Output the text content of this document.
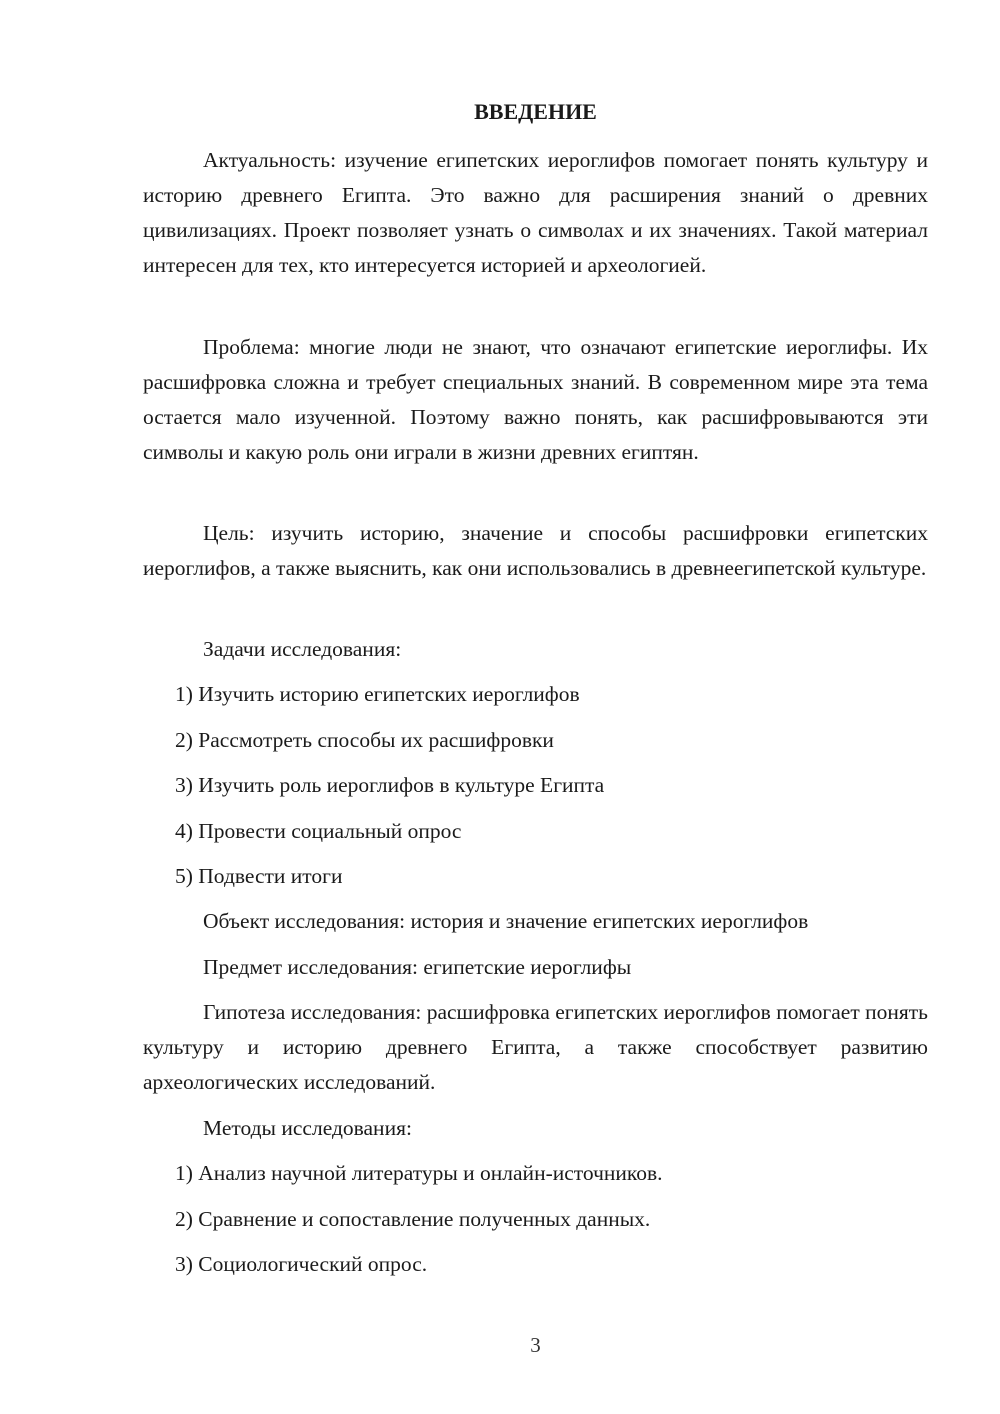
ВВЕДЕНИЕ

Актуальность: изучение египетских иероглифов помогает понять культуру и историю древнего Египта. Это важно для расширения знаний о древних цивилизациях. Проект позволяет узнать о символах и их значениях. Такой материал интересен для тех, кто интересуется историей и археологией.

Проблема: многие люди не знают, что означают египетские иероглифы. Их расшифровка сложна и требует специальных знаний. В современном мире эта тема остается мало изученной. Поэтому важно понять, как расшифровываются эти символы и какую роль они играли в жизни древних египтян.

Цель: изучить историю, значение и способы расшифровки египетских иероглифов, а также выяснить, как они использовались в древнеегипетской культуре.

Задачи исследования:

1) Изучить историю египетских иероглифов

2) Рассмотреть способы их расшифровки

3) Изучить роль иероглифов в культуре Египта

4) Провести социальный опрос

5) Подвести итоги

Объект исследования: история и значение египетских иероглифов

Предмет исследования: египетские иероглифы

Гипотеза исследования: расшифровка египетских иероглифов помогает понять культуру и историю древнего Египта, а также способствует развитию археологических исследований.

Методы исследования:

1) Анализ научной литературы и онлайн-источников.

2) Сравнение и сопоставление полученных данных.

3) Социологический опрос.

3
